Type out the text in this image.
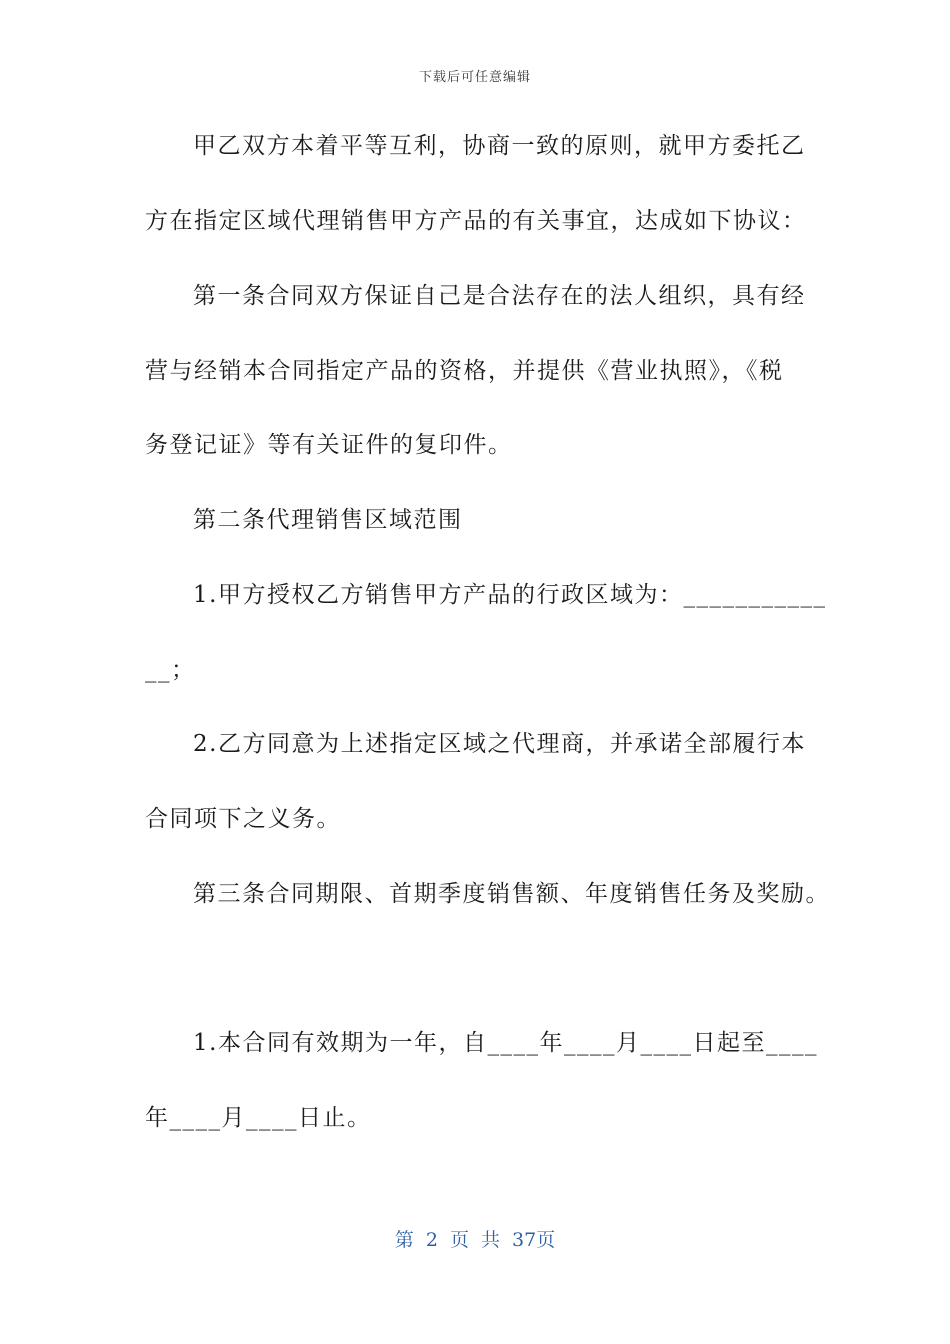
下载后可任意编辑
甲乙双方本着平等互利，协商一致的原则，就甲方委托乙
方在指定区域代理销售甲方产品的有关事宜，达成如下协议：
第一条合同双方保证自己是合法存在的法人组织，具有经
营与经销本合同指定产品的资格，并提供《营业执照》，《税
务登记证》等有关证件的复印件。
第二条代理销售区域范围
1.甲方授权乙方销售甲方产品的行政区域为：___________
__；
2.乙方同意为上述指定区域之代理商，并承诺全部履行本
合同项下之义务。
第三条合同期限、首期季度销售额、年度销售任务及奖励。
1.本合同有效期为一年，自____年____月____日起至____
年____月____日止。
第 2 页 共 37页
